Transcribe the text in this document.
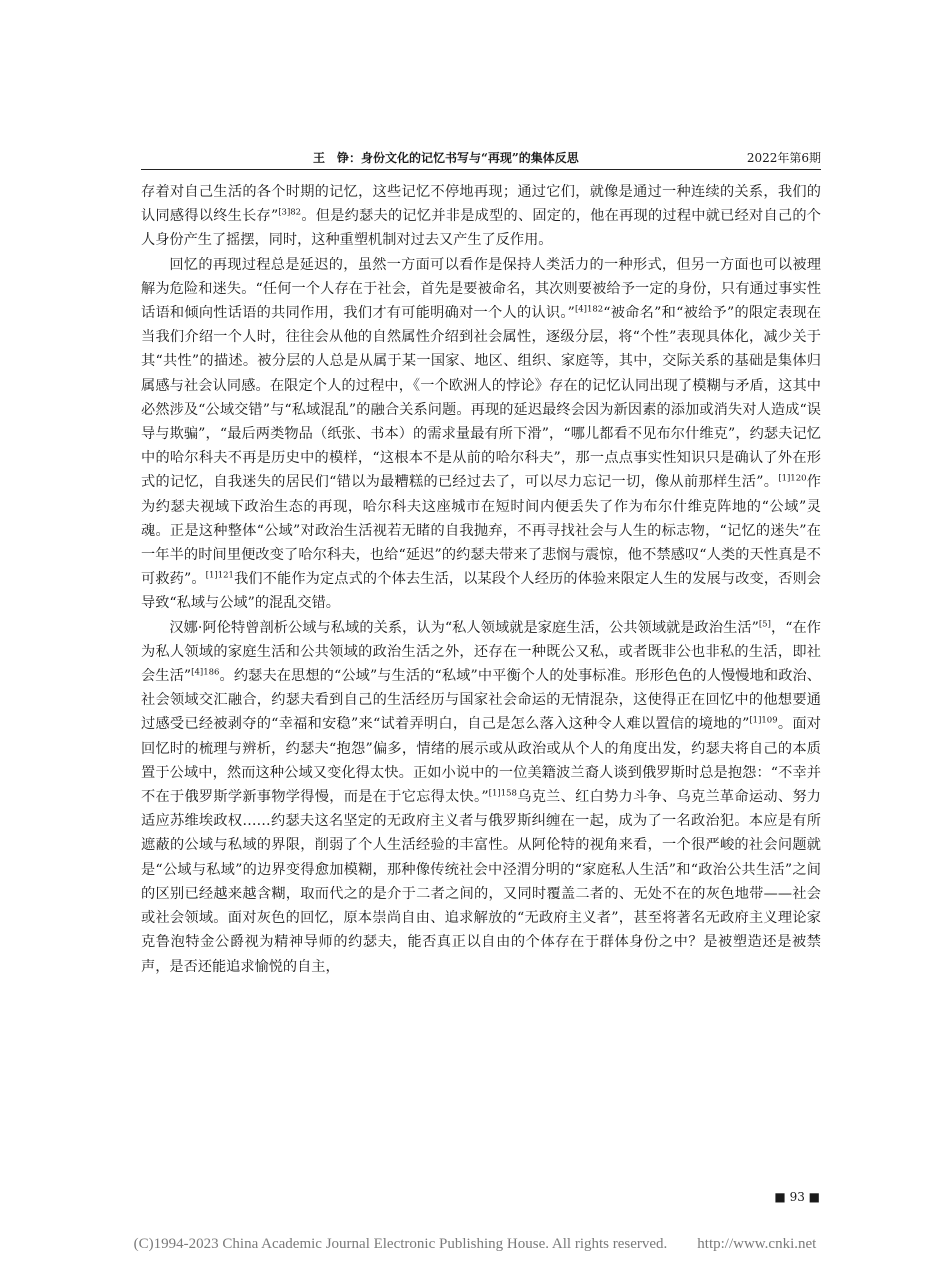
王　铮：身份文化的记忆书写与“再现”的集体反思	2022年第6期

存着对自己生活的各个时期的记忆，这些记忆不停地再现；通过它们，就像是通过一种连续的关系，我们的认同感得以终生长存”$^{[3]82}$。但是约瑟夫的记忆并非是成型的、固定的，他在再现的过程中就已经对自己的个人身份产生了摇摆，同时，这种重塑机制对过去又产生了反作用。

回忆的再现过程总是延迟的，虽然一方面可以看作是保持人类活力的一种形式，但另一方面也可以被理解为危险和迷失。“任何一个人存在于社会，首先是要被命名，其次则要被给予一定的身份，只有通过事实性话语和倾向性话语的共同作用，我们才有可能明确对一个人的认识。”$^{[4]182}$“被命名”和“被给予”的限定表现在当我们介绍一个人时，往往会从他的自然属性介绍到社会属性，逐级分层，将“个性”表现具体化，减少关于其“共性”的描述。被分层的人总是从属于某一国家、地区、组织、家庭等，其中，交际关系的基础是集体归属感与社会认同感。在限定个人的过程中，《一个欧洲人的悖论》存在的记忆认同出现了模糊与矛盾，这其中必然涉及“公域交错”与“私域混乱”的融合关系问题。再现的延迟最终会因为新因素的添加或消失对人造成“误导与欺骗”，“最后两类物品（纸张、书本）的需求量最有所下滑”，“哪儿都看不见布尔什维克”，约瑟夫记忆中的哈尔科夫不再是历史中的模样，“这根本不是从前的哈尔科夫”，那一点点事实性知识只是确认了外在形式的记忆，自我迷失的居民们“错以为最糟糕的已经过去了，可以尽力忘记一切，像从前那样生活”。$^{[1]120}$作为约瑟夫视域下政治生态的再现，哈尔科夫这座城市在短时间内便丢失了作为布尔什维克阵地的“公域”灵魂。正是这种整体“公域”对政治生活视若无睹的自我抛弃，不再寻找社会与人生的标志物，“记忆的迷失”在一年半的时间里便改变了哈尔科夫，也给“延迟”的约瑟夫带来了悲悯与震惊，他不禁感叹“人类的天性真是不可救药”。$^{[1]121}$我们不能作为定点式的个体去生活，以某段个人经历的体验来限定人生的发展与改变，否则会导致“私域与公域”的混乱交错。

汉娜·阿伦特曾剖析公域与私域的关系，认为“私人领域就是家庭生活，公共领域就是政治生活”[5]，“在作为私人领域的家庭生活和公共领域的政治生活之外，还存在一种既公又私，或者既非公也非私的生活，即社会生活”$^{[4]186}$。约瑟夫在思想的“公域”与生活的“私域”中平衡个人的处事标准。形形色色的人慢慢地和政治、社会领域交汇融合，约瑟夫看到自己的生活经历与国家社会命运的无情混杂，这使得正在回忆中的他想要通过感受已经被剥夺的“幸福和安稳”来“试着弄明白，自己是怎么落入这种令人难以置信的境地的”$^{[1]109}$。面对回忆时的梳理与辨析，约瑟夫“抱怨”偏多，情绪的展示或从政治或从个人的角度出发，约瑟夫将自己的本质置于公域中，然而这种公域又变化得太快。正如小说中的一位美籍波兰裔人谈到俄罗斯时总是抱怨：“不幸并不在于俄罗斯学新事物学得慢，而是在于它忘得太快。”$^{[1]158}$乌克兰、红白势力斗争、乌克兰革命运动、努力适应苏维埃政权……约瑟夫这名坚定的无政府主义者与俄罗斯纠缠在一起，成为了一名政治犯。本应是有所遮蔽的公域与私域的界限，削弱了个人生活经验的丰富性。从阿伦特的视角来看，一个很严峻的社会问题就是“公域与私域”的边界变得愈加模糊，那种像传统社会中泾渭分明的“家庭私人生活”和“政治公共生活”之间的区别已经越来越含糊，取而代之的是介于二者之间的，又同时覆盖二者的、无处不在的灰色地带——社会或社会领域。面对灰色的回忆，原本崇尚自由、追求解放的“无政府主义者”，甚至将著名无政府主义理论家克鲁泡特金公爵视为精神导师的约瑟夫，能否真正以自由的个体存在于群体身份之中？是被塑造还是被禁声，是否还能追求愉悦的自主，

■ 93 ■
(C)1994-2023 China Academic Journal Electronic Publishing House. All rights reserved.　　http://www.cnki.net
